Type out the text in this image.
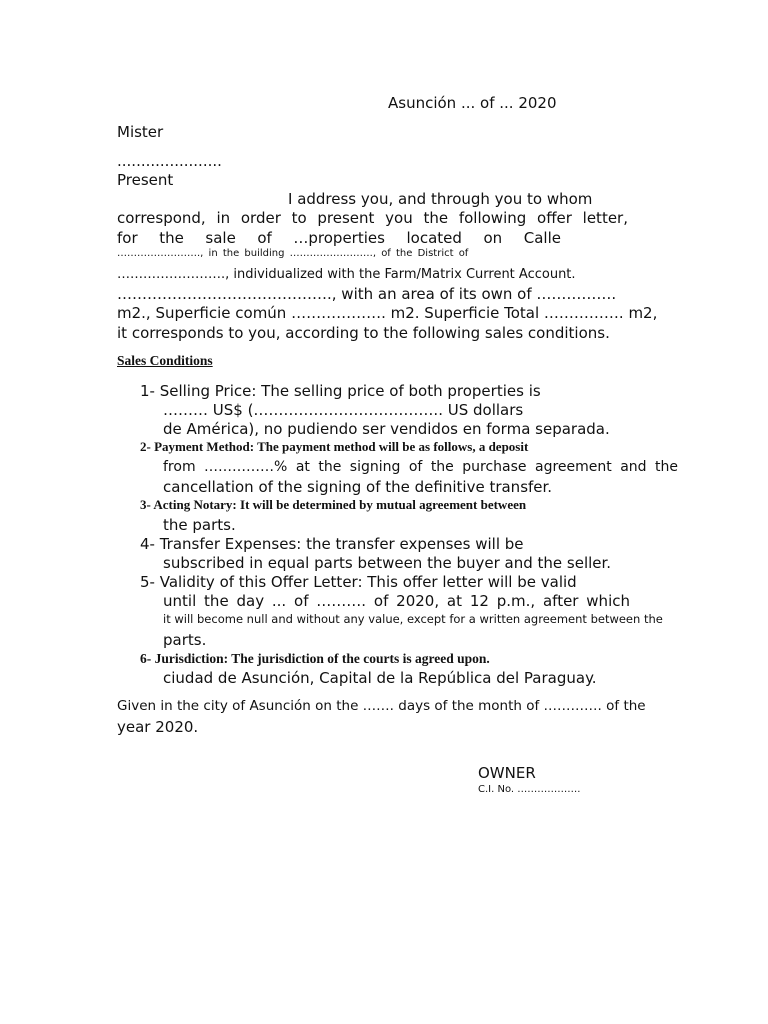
Asunción ... of ... 2020
Mister
......................
Present
I address you, and through you to whom
correspond, in order to present you the following offer letter,
for the sale of …properties located on Calle
……………………., in the building ……………………., of the District of
……………………., individualized with the Farm/Matrix Current Account.
……………………………………., with an area of its own of …………….
m2., Superficie común ………………. m2. Superficie Total ……………. m2,
it corresponds to you, according to the following sales conditions.
Sales Conditions
1- Selling Price: The selling price of both properties is
……… US$ (……………………………….. US dollars
de América), no pudiendo ser vendidos en forma separada.
2- Payment Method: The payment method will be as follows, a deposit
from ……………% at the signing of the purchase agreement and the
cancellation of the signing of the definitive transfer.
3- Acting Notary: It will be determined by mutual agreement between
the parts.
4- Transfer Expenses: the transfer expenses will be
subscribed in equal parts between the buyer and the seller.
5- Validity of this Offer Letter: This offer letter will be valid
until the day ... of ………. of 2020, at 12 p.m., after which
it will become null and without any value, except for a written agreement between the
parts.
6- Jurisdiction: The jurisdiction of the courts is agreed upon.
ciudad de Asunción, Capital de la República del Paraguay.
Given in the city of Asunción on the ……. days of the month of …………. of the
year 2020.
OWNER
C.I. No. ……………….
